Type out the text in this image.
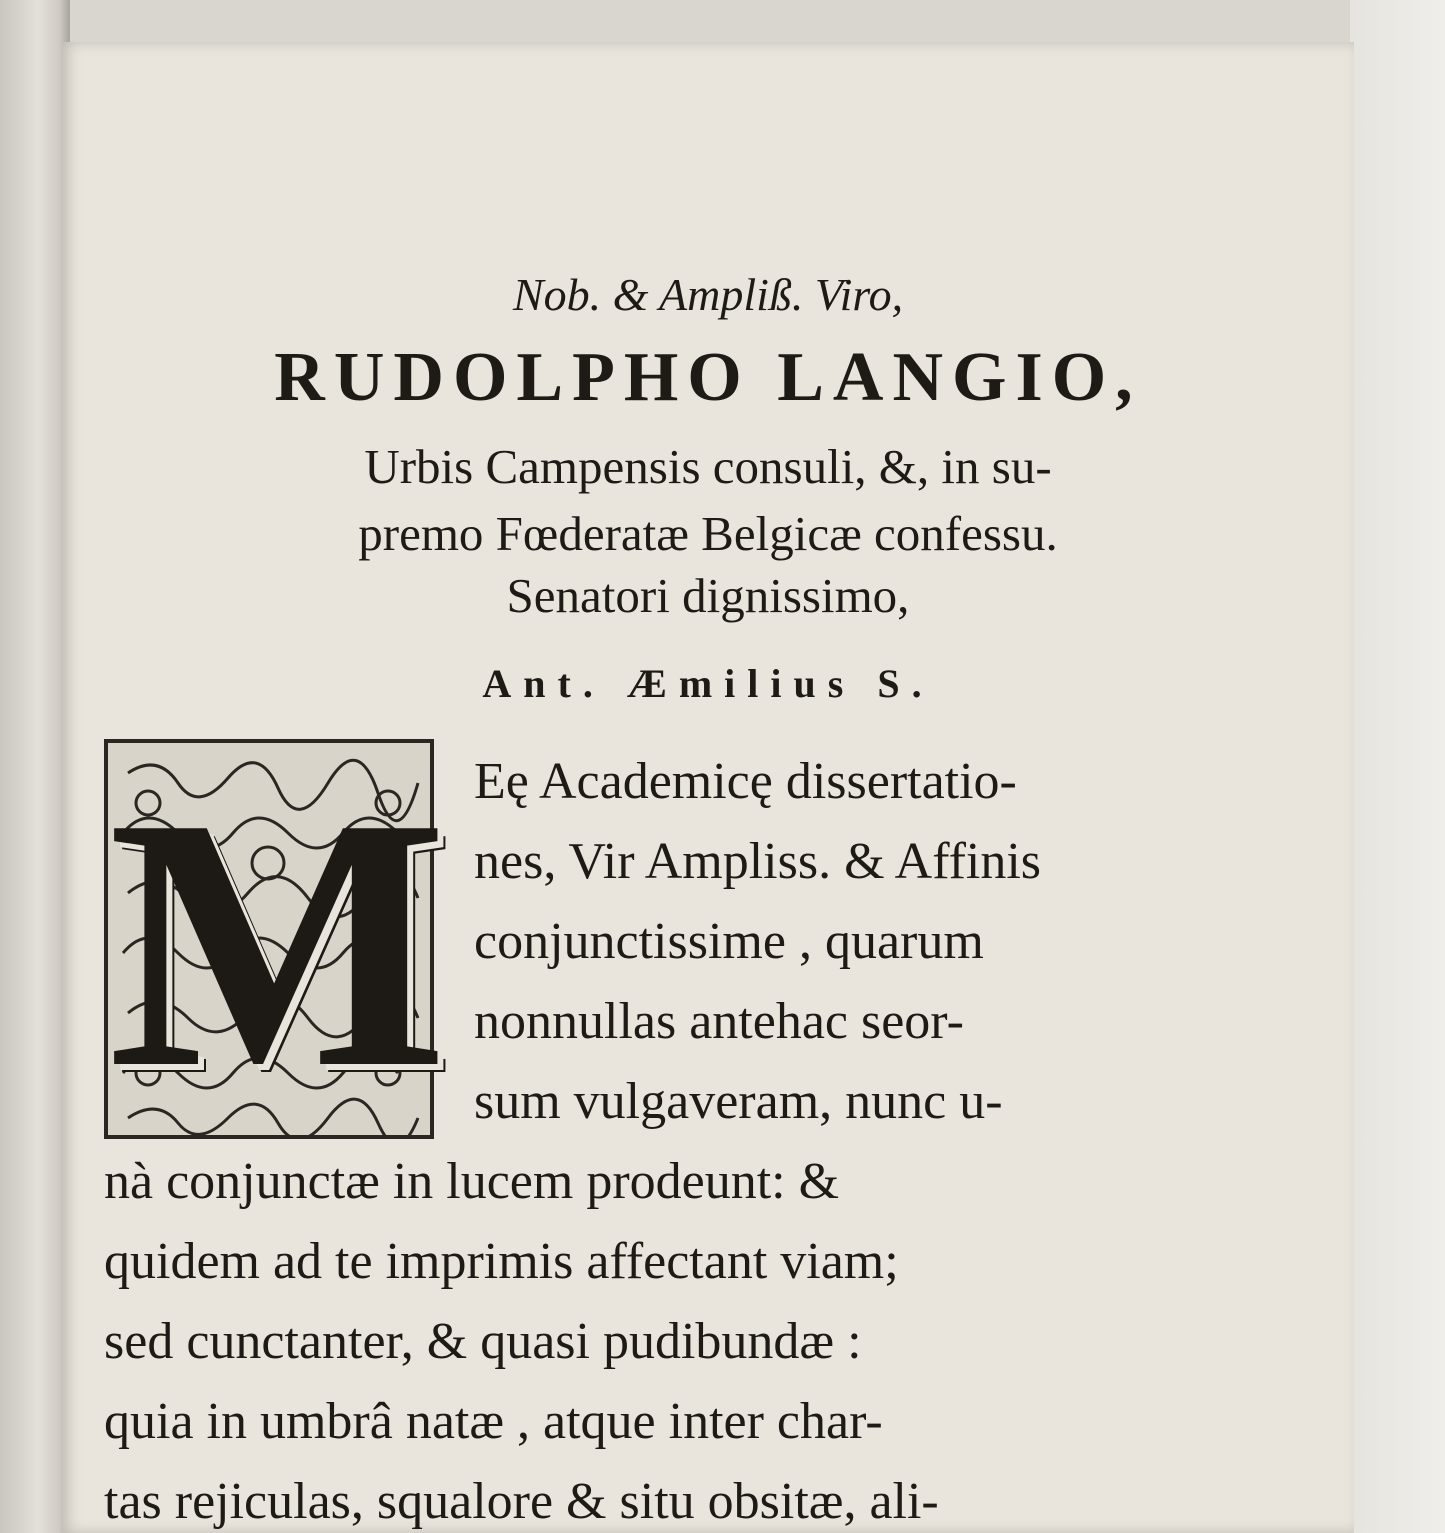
Nob. & Ampliß. Viro,
RUDOLPHO LANGIO,
Urbis Campensis consuli, &, in su-
premo Fœderatæ Belgicæ confessu.
Senatori dignissimo,
Ant. Æmilius S.
M Eę Academicę dissertatio-
nes, Vir Ampliss. & Affinis
conjunctissime , quarum
nonnullas antehac seor-
sum vulgaveram, nunc u-
nà conjunctæ in lucem prodeunt: &
quidem ad te imprimis affectant viam;
sed cunctanter, & quasi pudibundæ :
quia in umbrâ natæ , atque inter char-
tas rejiculas, squalore & situ obsitæ, ali-
